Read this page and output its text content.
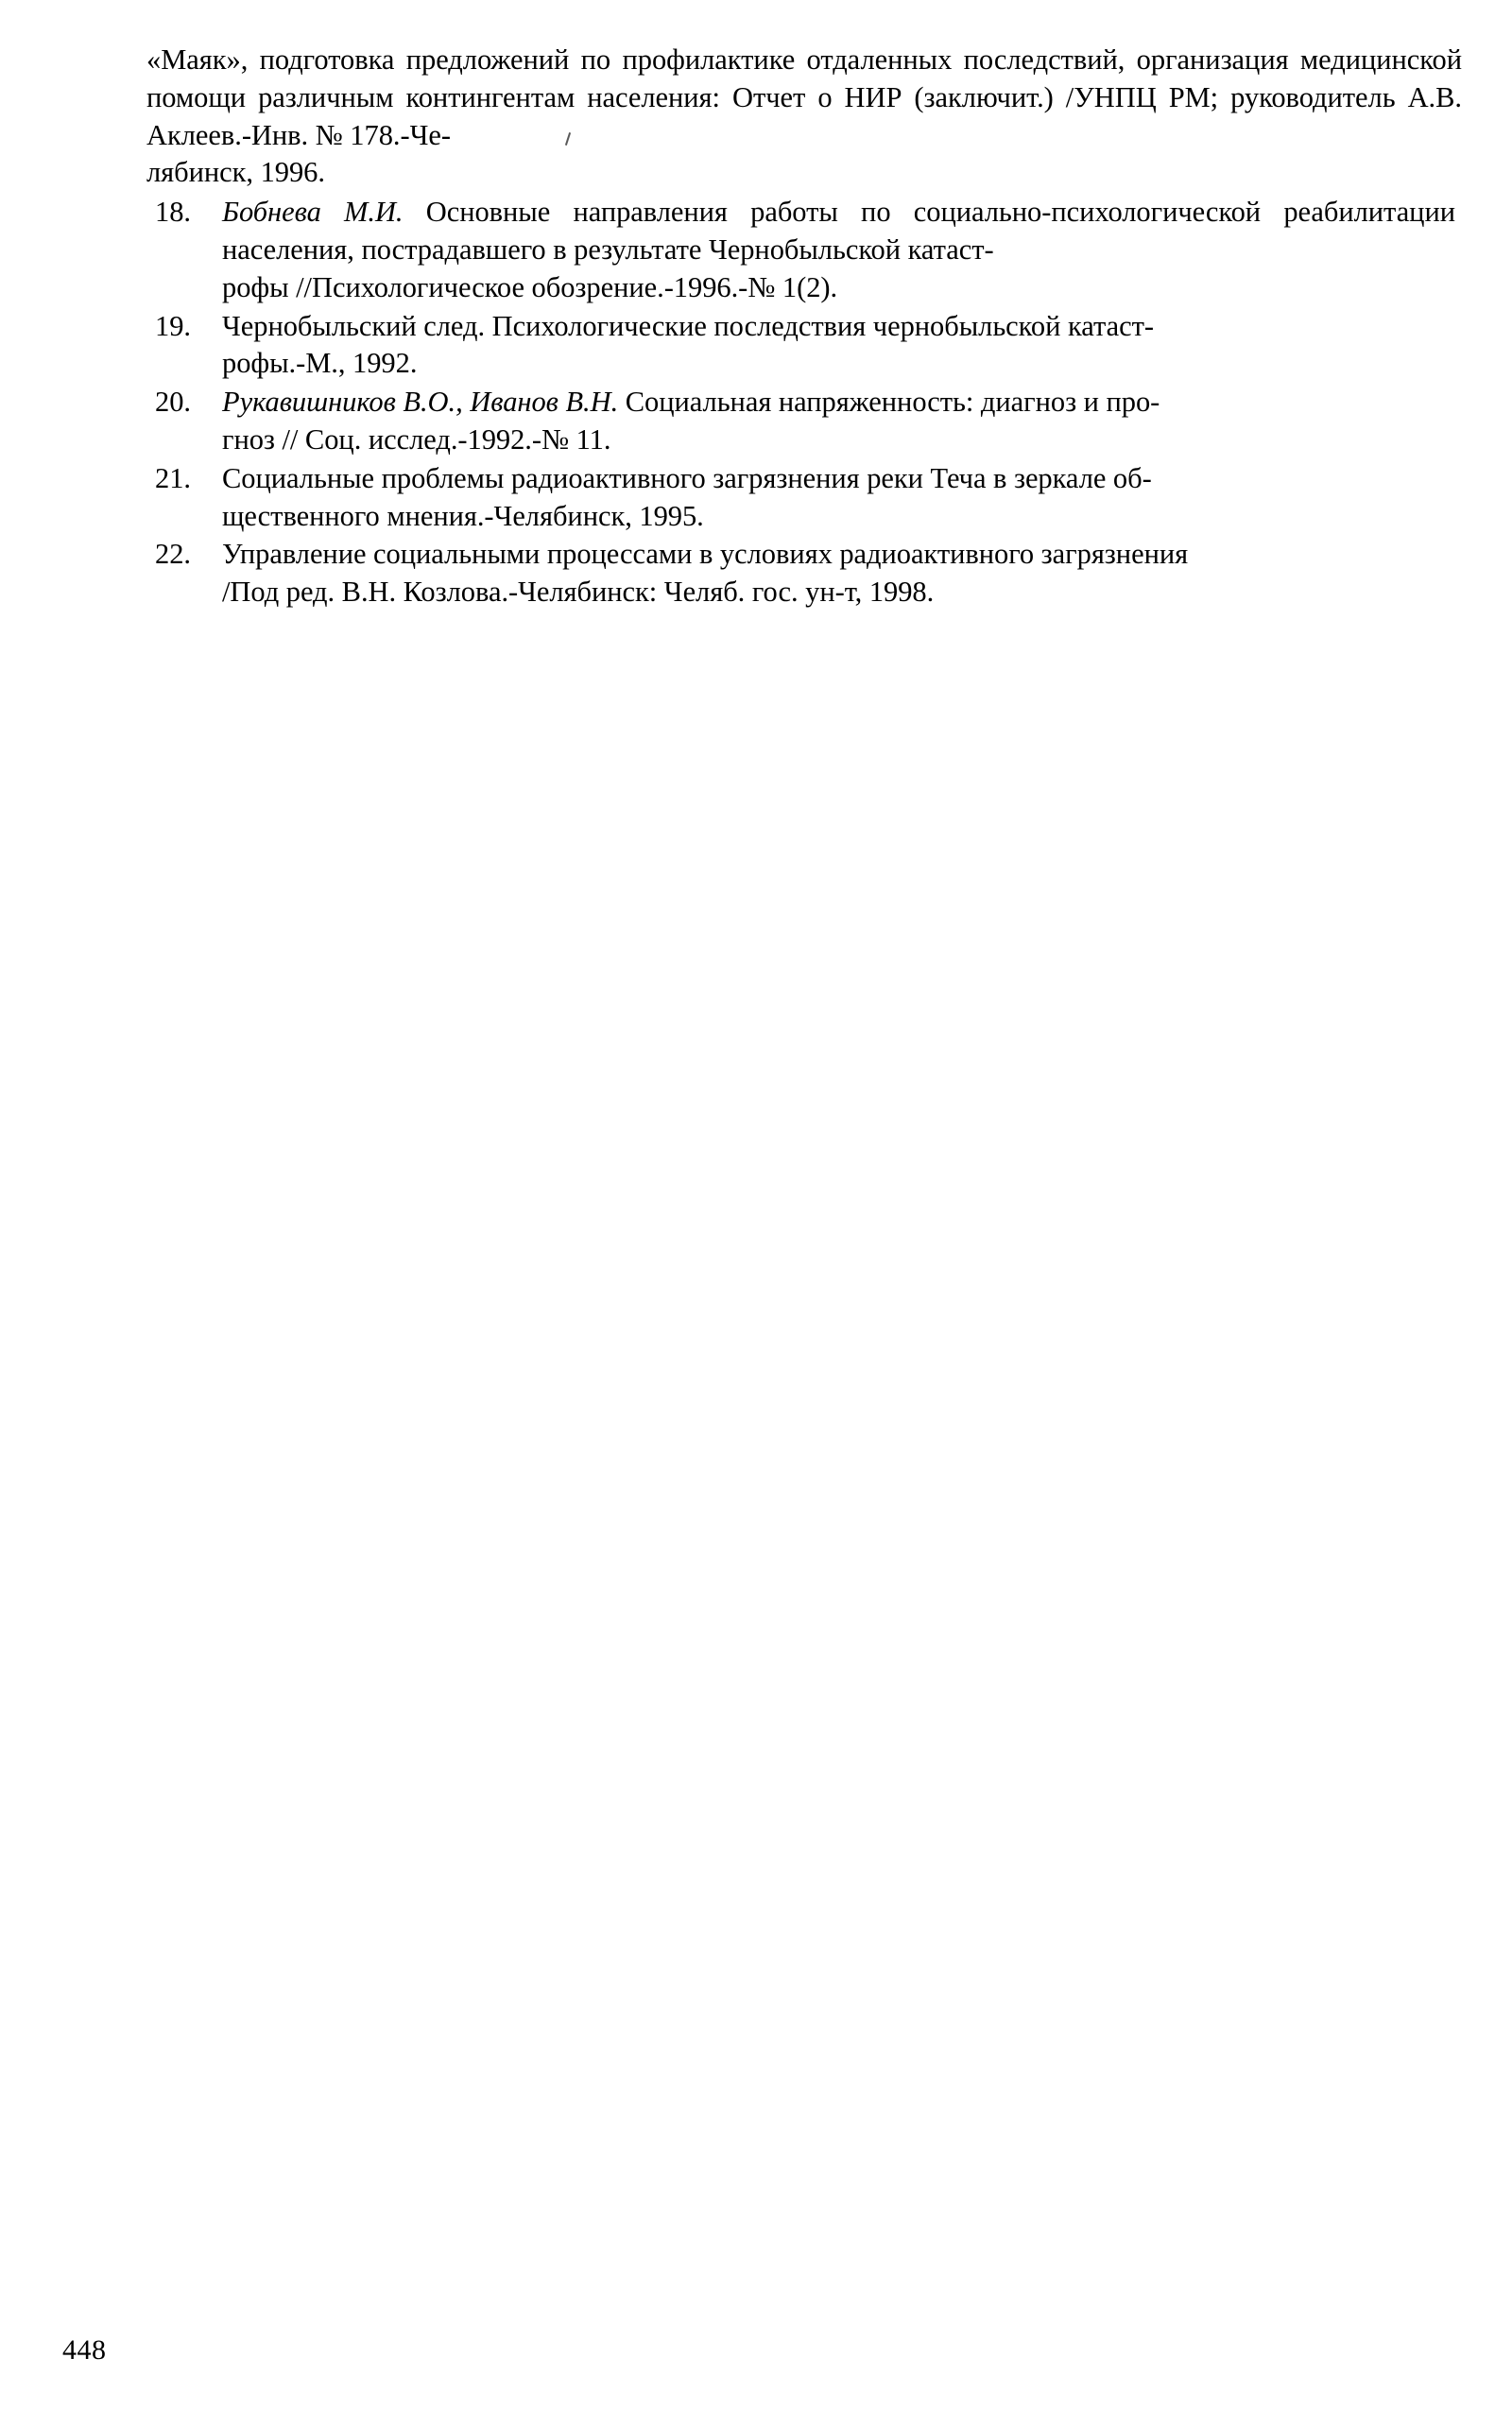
«Маяк», подготовка предложений по профилактике отдаленных последствий, организация медицинской помощи различным контингентам населения: Отчет о НИР (заключит.) /УНПЦ РМ; руководитель А.В. Аклеев.-Инв. № 178.-Че-
лябинск, 1996.

18. Бобнева М.И. Основные направления работы по социально-психологической реабилитации населения, пострадавшего в результате Чернобыльской катаст-
рофы //Психологическое обозрение.-1996.-№ 1(2).
19. Чернобыльский след. Психологические последствия чернобыльской катаст-
рофы.-М., 1992.
20. Рукавишников В.О., Иванов В.Н. Социальная напряженность: диагноз и про-
гноз // Соц. исслед.-1992.-№ 11.
21. Социальные проблемы радиоактивного загрязнения реки Теча в зеркале об-
щественного мнения.-Челябинск, 1995.
22. Управление социальными процессами в условиях радиоактивного загрязнения
/Под ред. В.Н. Козлова.-Челябинск: Челяб. гос. ун-т, 1998.
448
